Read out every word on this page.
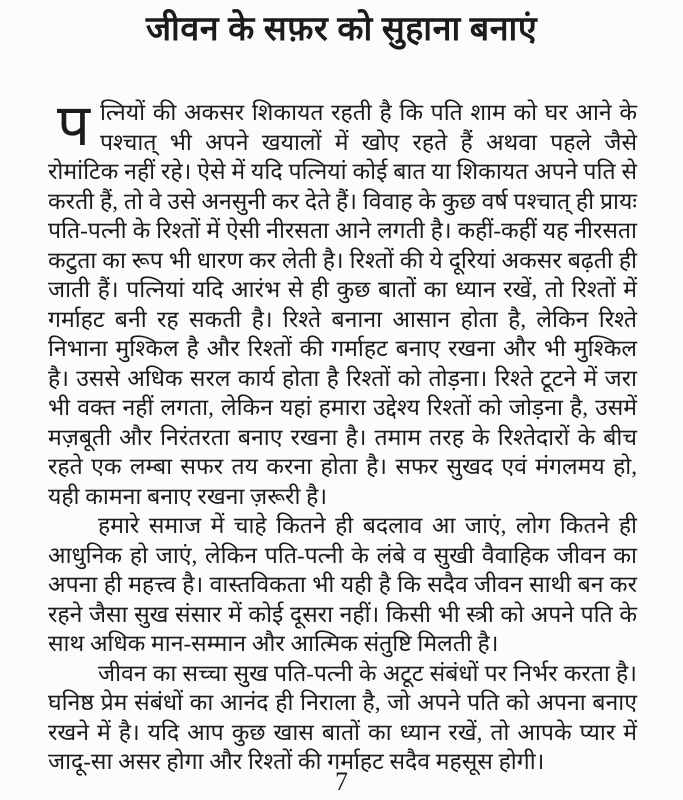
जीवन के सफ़र को सुहाना बनाएं

पत्नियों की अकसर शिकायत रहती है कि पति शाम को घर आने के पश्चात् भी अपने खयालों में खोए रहते हैं अथवा पहले जैसे रोमांटिक नहीं रहे। ऐसे में यदि पत्नियां कोई बात या शिकायत अपने पति से करती हैं, तो वे उसे अनसुनी कर देते हैं। विवाह के कुछ वर्ष पश्चात् ही प्रायः पति-पत्नी के रिश्तों में ऐसी नीरसता आने लगती है। कहीं-कहीं यह नीरसता कटुता का रूप भी धारण कर लेती है। रिश्तों की ये दूरियां अकसर बढ़ती ही जाती हैं। पत्नियां यदि आरंभ से ही कुछ बातों का ध्यान रखें, तो रिश्तों में गर्माहट बनी रह सकती है। रिश्ते बनाना आसान होता है, लेकिन रिश्ते निभाना मुश्किल है और रिश्तों की गर्माहट बनाए रखना और भी मुश्किल है। उससे अधिक सरल कार्य होता है रिश्तों को तोड़ना। रिश्ते टूटने में जरा भी वक्त नहीं लगता, लेकिन यहां हमारा उद्देश्य रिश्तों को जोड़ना है, उसमें मज़बूती और निरंतरता बनाए रखना है। तमाम तरह के रिश्तेदारों के बीच रहते एक लम्बा सफर तय करना होता है। सफर सुखद एवं मंगलमय हो, यही कामना बनाए रखना ज़रूरी है।

हमारे समाज में चाहे कितने ही बदलाव आ जाएं, लोग कितने ही आधुनिक हो जाएं, लेकिन पति-पत्नी के लंबे व सुखी वैवाहिक जीवन का अपना ही महत्त्व है। वास्तविकता भी यही है कि सदैव जीवन साथी बन कर रहने जैसा सुख संसार में कोई दूसरा नहीं। किसी भी स्त्री को अपने पति के साथ अधिक मान-सम्मान और आत्मिक संतुष्टि मिलती है।

जीवन का सच्चा सुख पति-पत्नी के अटूट संबंधों पर निर्भर करता है। घनिष्ठ प्रेम संबंधों का आनंद ही निराला है, जो अपने पति को अपना बनाए रखने में है। यदि आप कुछ खास बातों का ध्यान रखें, तो आपके प्यार में जादू-सा असर होगा और रिश्तों की गर्माहट सदैव महसूस होगी।

7
